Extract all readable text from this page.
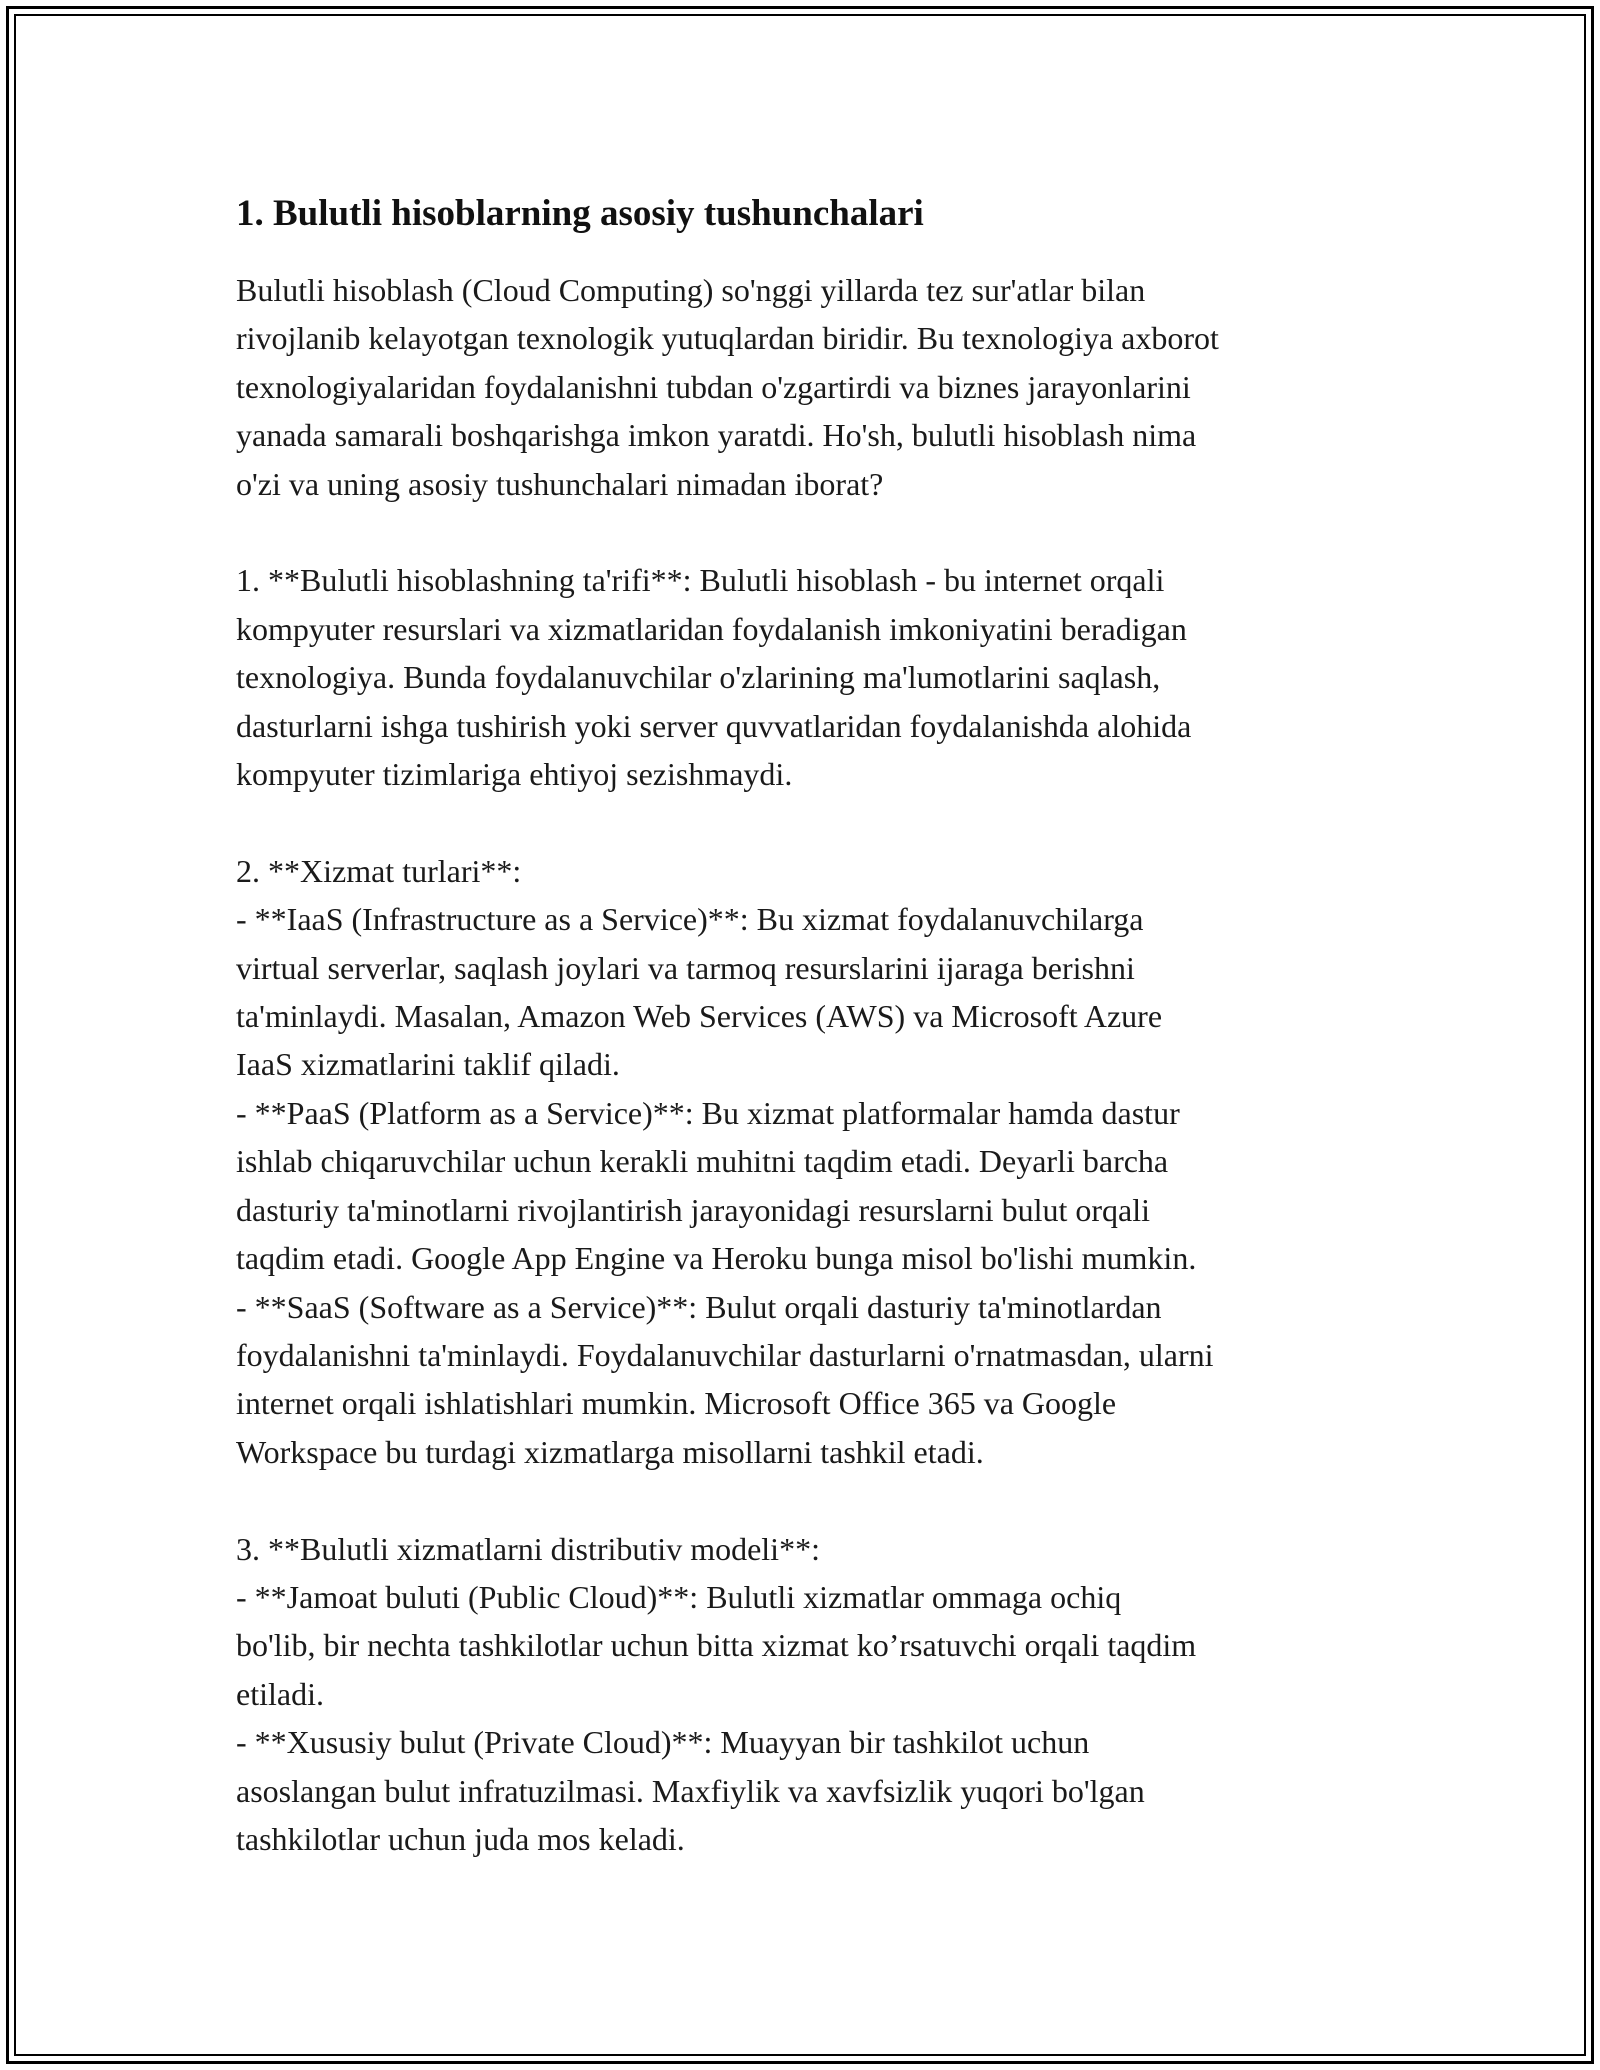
1. Bulutli hisoblarning asosiy tushunchalari

Bulutli hisoblash (Cloud Computing) so'nggi yillarda tez sur'atlar bilan
rivojlanib kelayotgan texnologik yutuqlardan biridir. Bu texnologiya axborot
texnologiyalaridan foydalanishni tubdan o'zgartirdi va biznes jarayonlarini
yanada samarali boshqarishga imkon yaratdi. Ho'sh, bulutli hisoblash nima
o'zi va uning asosiy tushunchalari nimadan iborat?

1. **Bulutli hisoblashning ta'rifi**: Bulutli hisoblash - bu internet orqali
kompyuter resurslari va xizmatlaridan foydalanish imkoniyatini beradigan
texnologiya. Bunda foydalanuvchilar o'zlarining ma'lumotlarini saqlash,
dasturlarni ishga tushirish yoki server quvvatlaridan foydalanishda alohida
kompyuter tizimlariga ehtiyoj sezishmaydi.

2. **Xizmat turlari**:
- **IaaS (Infrastructure as a Service)**: Bu xizmat foydalanuvchilarga
virtual serverlar, saqlash joylari va tarmoq resurslarini ijaraga berishni
ta'minlaydi. Masalan, Amazon Web Services (AWS) va Microsoft Azure
IaaS xizmatlarini taklif qiladi.
- **PaaS (Platform as a Service)**: Bu xizmat platformalar hamda dastur
ishlab chiqaruvchilar uchun kerakli muhitni taqdim etadi. Deyarli barcha
dasturiy ta'minotlarni rivojlantirish jarayonidagi resurslarni bulut orqali
taqdim etadi. Google App Engine va Heroku bunga misol bo'lishi mumkin.
- **SaaS (Software as a Service)**: Bulut orqali dasturiy ta'minotlardan
foydalanishni ta'minlaydi. Foydalanuvchilar dasturlarni o'rnatmasdan, ularni
internet orqali ishlatishlari mumkin. Microsoft Office 365 va Google
Workspace bu turdagi xizmatlarga misollarni tashkil etadi.

3. **Bulutli xizmatlarni distributiv modeli**:
- **Jamoat buluti (Public Cloud)**: Bulutli xizmatlar ommaga ochiq
bo'lib, bir nechta tashkilotlar uchun bitta xizmat ko’rsatuvchi orqali taqdim
etiladi.
- **Xususiy bulut (Private Cloud)**: Muayyan bir tashkilot uchun
asoslangan bulut infratuzilmasi. Maxfiylik va xavfsizlik yuqori bo'lgan
tashkilotlar uchun juda mos keladi.
